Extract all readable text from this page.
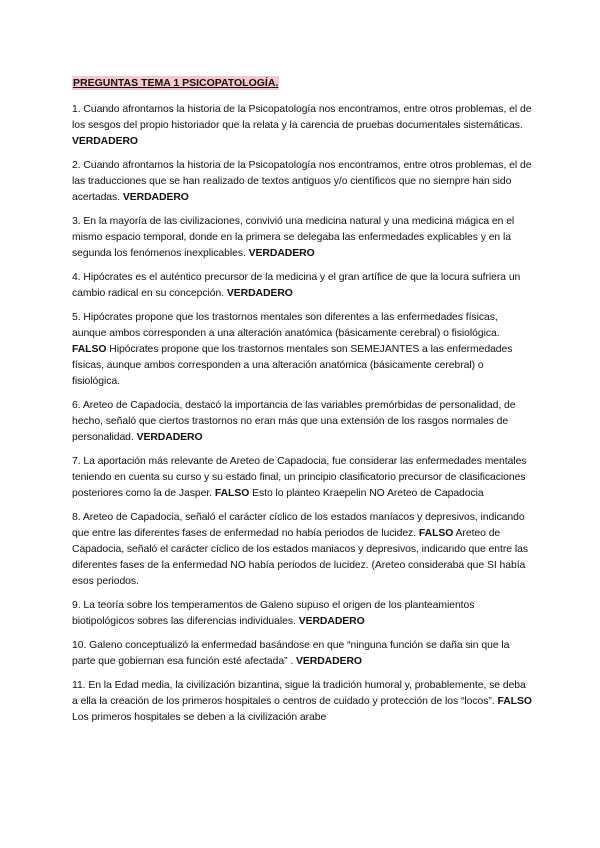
PREGUNTAS TEMA 1 PSICOPATOLOGÍA.

1. Cuando afrontamos la historia de la Psicopatología nos encontramos, entre otros problemas, el de los sesgos del propio historiador que la relata y la carencia de pruebas documentales sistemáticas. VERDADERO

2. Cuando afrontamos la historia de la Psicopatología nos encontramos, entre otros problemas, el de las traducciones que se han realizado de textos antiguos y/o científicos que no siempre han sido acertadas. VERDADERO

3. En la mayoría de las civilizaciones, convivió una medicina natural y una medicina mágica en el mismo espacio temporal, donde en la primera se delegaba las enfermedades explicables y en la segunda los fenómenos inexplicables. VERDADERO

4. Hipócrates es el auténtico precursor de la medicina y el gran artífice de que la locura sufriera un cambio radical en su concepción. VERDADERO

5. Hipócrates propone que los trastornos mentales son diferentes a las enfermedades físicas, aunque ambos corresponden a una alteración anatómica (básicamente cerebral) o fisiológica. FALSO Hipócrates propone que los trastornos mentales son SEMEJANTES a las enfermedades físicas, aunque ambos corresponden a una alteración anatómica (básicamente cerebral) o fisiológica.

6. Areteo de Capadocia, destacó la importancia de las variables premórbidas de personalidad, de hecho, señaló que ciertos trastornos no eran más que una extensión de los rasgos normales de personalidad. VERDADERO

7. La aportación más relevante de Areteo de Capadocia, fue considerar las enfermedades mentales teniendo en cuenta su curso y su estado final, un principio clasificatorio precursor de clasificaciones posteriores como la de Jasper. FALSO Esto lo planteo Kraepelin NO Areteo de Capadocia

8. Areteo de Capadocia, señaló el carácter cíclico de los estados maníacos y depresivos, indicando que entre las diferentes fases de enfermedad no había periodos de lucidez. FALSO Areteo de Capadocia, señaló el carácter cíclico de los estados maniacos y depresivos, indicando que entre las diferentes fases de la enfermedad NO había periodos de lucidez. (Areteo consideraba que SI había esos periodos.

9. La teoría sobre los temperamentos de Galeno supuso el origen de los planteamientos biotipológicos sobres las diferencias individuales. VERDADERO

10. Galeno conceptualizó la enfermedad basándose en que “ninguna función se daña sin que la parte que gobiernan esa función esté afectada” . VERDADERO

11. En la Edad media, la civilización bizantina, sigue la tradición humoral y, probablemente, se deba a ella la creación de los primeros hospitales o centros de cuidado y protección de los “locos”. FALSO Los primeros hospitales se deben a la civilización arabe
